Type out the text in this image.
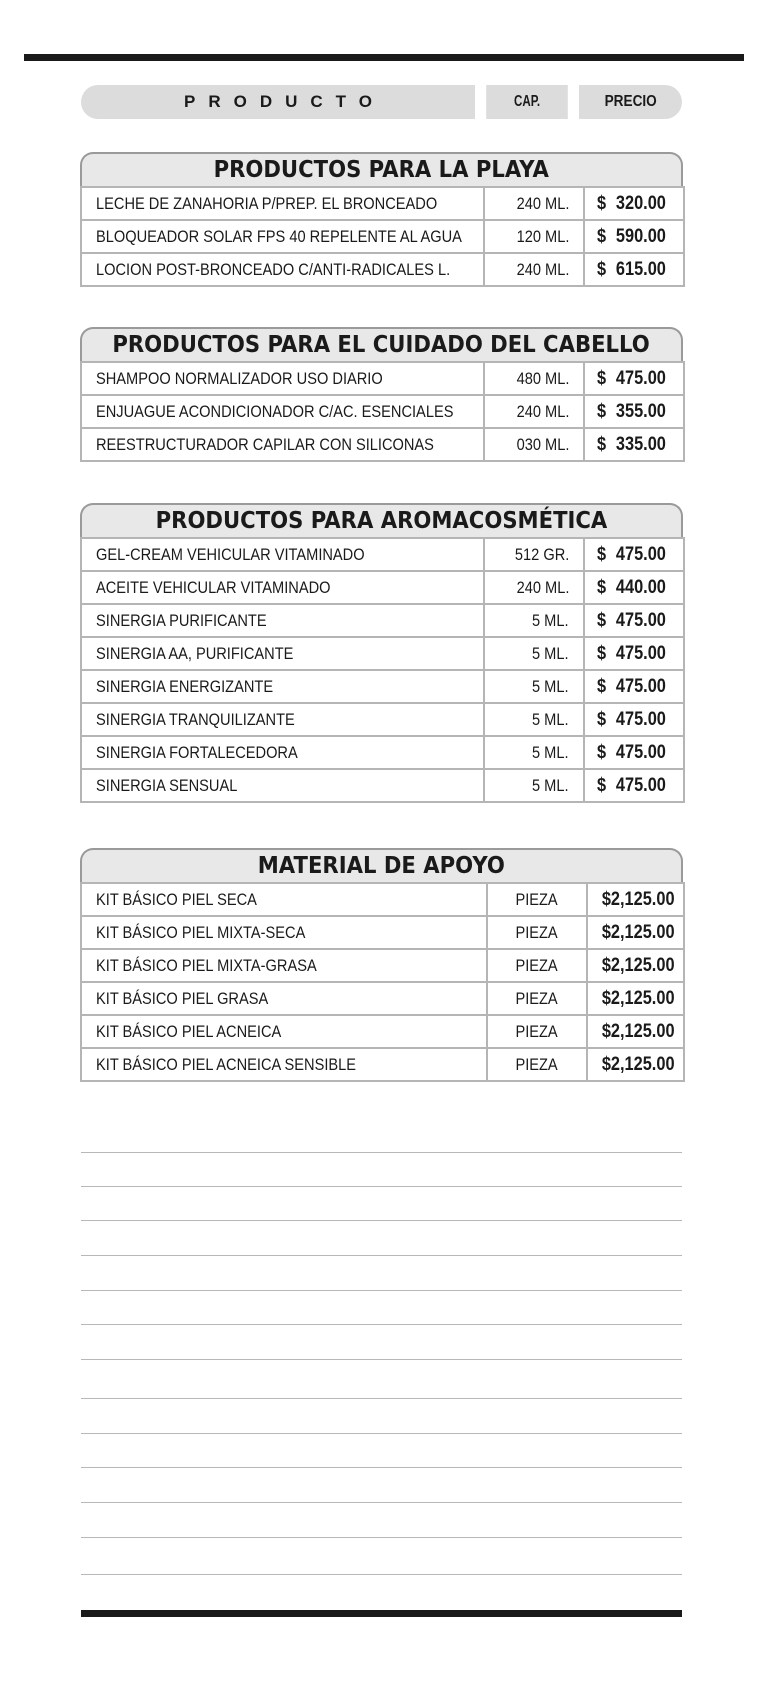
PRODUCTO	CAP.	PRECIO
PRODUCTOS PARA LA PLAYA
LECHE DE ZANAHORIA P/PREP. EL BRONCEADO	240 ML.	$ 320.00
BLOQUEADOR SOLAR FPS 40 REPELENTE AL AGUA	120 ML.	$ 590.00
LOCION POST-BRONCEADO C/ANTI-RADICALES L.	240 ML.	$ 615.00
PRODUCTOS PARA EL CUIDADO DEL CABELLO
SHAMPOO NORMALIZADOR USO DIARIO	480 ML.	$ 475.00
ENJUAGUE ACONDICIONADOR C/AC. ESENCIALES	240 ML.	$ 355.00
REESTRUCTURADOR CAPILAR CON SILICONAS	030 ML.	$ 335.00
PRODUCTOS PARA AROMACOSMÉTICA
GEL-CREAM VEHICULAR VITAMINADO	512 GR.	$ 475.00
ACEITE VEHICULAR VITAMINADO	240 ML.	$ 440.00
SINERGIA PURIFICANTE	5 ML.	$ 475.00
SINERGIA AA, PURIFICANTE	5 ML.	$ 475.00
SINERGIA ENERGIZANTE	5 ML.	$ 475.00
SINERGIA TRANQUILIZANTE	5 ML.	$ 475.00
SINERGIA FORTALECEDORA	5 ML.	$ 475.00
SINERGIA SENSUAL	5 ML.	$ 475.00
MATERIAL DE APOYO
KIT BÁSICO PIEL SECA	PIEZA	$2,125.00
KIT BÁSICO PIEL MIXTA-SECA	PIEZA	$2,125.00
KIT BÁSICO PIEL MIXTA-GRASA	PIEZA	$2,125.00
KIT BÁSICO PIEL GRASA	PIEZA	$2,125.00
KIT BÁSICO PIEL ACNEICA	PIEZA	$2,125.00
KIT BÁSICO PIEL ACNEICA SENSIBLE	PIEZA	$2,125.00
